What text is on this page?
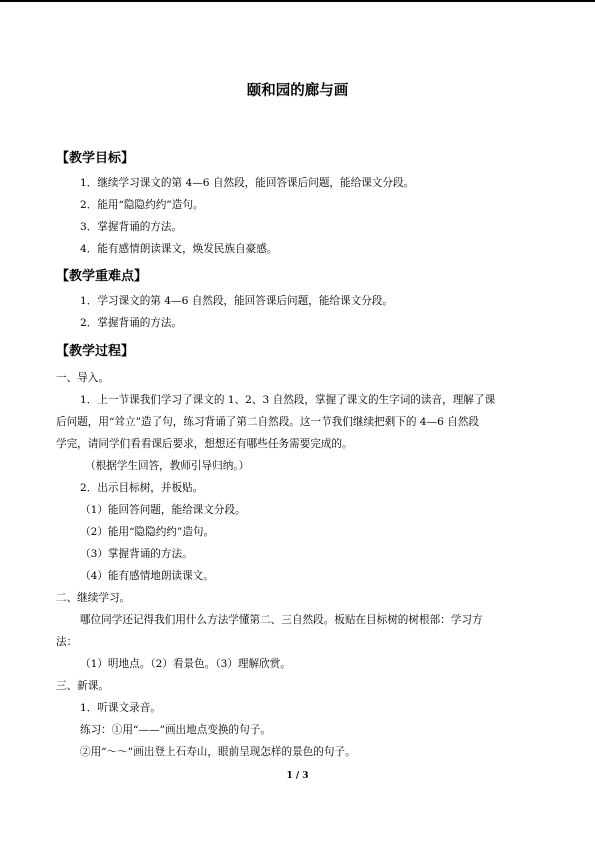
颐和园的廊与画
【教学目标】
1．继续学习课文的第 4—6 自然段，能回答课后问题，能给课文分段。
2．能用“隐隐约约”造句。
3．掌握背诵的方法。
4．能有感情朗读课文，焕发民族自豪感。
【教学重难点】
1．学习课文的第 4—6 自然段，能回答课后问题，能给课文分段。
2．掌握背诵的方法。
【教学过程】
一、导入。
1．上一节课我们学习了课文的 1、2、3 自然段，掌握了课文的生字词的读音，理解了课
后问题，用“耸立”造了句，练习背诵了第二自然段。这一节我们继续把剩下的 4—6 自然段
学完，请同学们看看课后要求，想想还有哪些任务需要完成的。
（根据学生回答，教师引导归纳。）
2．出示目标树，并板贴。
（1）能回答问题，能给课文分段。
（2）能用“隐隐约约”造句。
（3）掌握背诵的方法。
（4）能有感情地朗读课文。
二、继续学习。
哪位同学还记得我们用什么方法学懂第二、三自然段。板贴在目标树的树根部：学习方
法：
（1）明地点。（2）看景色。（3）理解欣赏。
三、新课。
1．听课文录音。
练习：①用“——”画出地点变换的句子。
②用“～～”画出登上石寿山，眼前呈现怎样的景色的句子。
1 / 3
